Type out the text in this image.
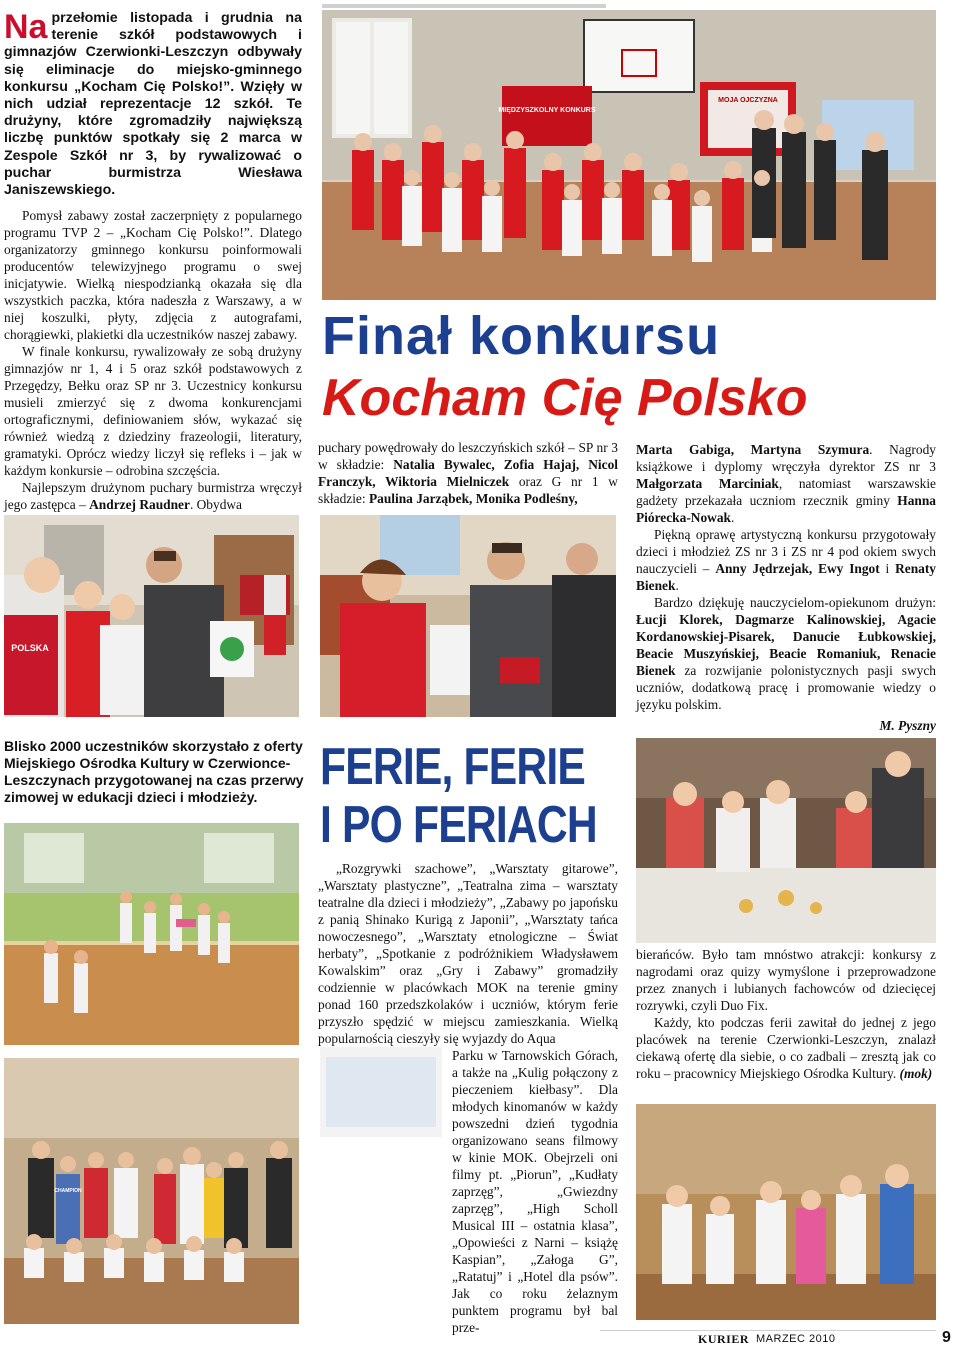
Na przełomie listopada i grudnia na terenie szkół podstawowych i gimnazjów Czerwionki-Leszczyn odbywały się eliminacje do miejsko-gminnego konkursu „Kocham Cię Polsko!”. Wzięły w nich udział reprezentacje 12 szkół. Te drużyny, które zgromadziły największą liczbę punktów spotkały się 2 marca w Zespole Szkół nr 3, by rywalizować o puchar burmistrza Wiesława Janiszewskiego.

Pomysł zabawy został zaczerpnięty z popularnego programu TVP 2 – „Kocham Cię Polsko!”. Dlatego organizatorzy gminnego konkursu poinformowali producentów telewizyjnego programu o swej inicjatywie. Wielką niespodzianką okazała się dla wszystkich paczka, która nadeszła z Warszawy, a w niej koszulki, płyty, zdjęcia z autografami, chorągiewki, plakietki dla uczestników naszej zabawy.

W finale konkursu, rywalizowały ze sobą drużyny gimnazjów nr 1, 4 i 5 oraz szkół podstawowych z Przegędzy, Bełku oraz SP nr 3. Uczestnicy konkursu musieli zmierzyć się z dwoma konkurencjami ortograficznymi, definiowaniem słów, wykazać się również wiedzą z dziedziny frazeologii, literatury, gramatyki. Oprócz wiedzy liczył się refleks i – jak w każdym konkursie – odrobina szczęścia.

Najlepszym drużynom puchary burmistrza wręczył jego zastępca – Andrzej Raudner. Obydwa

MIĘDZYSZKOLNY KONKURS
MOJA OJCZYZNA
Finał konkursu
Kocham Cię Polsko

puchary powędrowały do leszczyńskich szkół – SP nr 3 w składzie: Natalia Bywalec, Zofia Hajaj, Nicol Franczyk, Wiktoria Mielniczek oraz G nr 1 w składzie: Paulina Jarząbek, Monika Podleśny,

Marta Gabiga, Martyna Szymura. Nagrody książkowe i dyplomy wręczyła dyrektor ZS nr 3 Małgorzata Marciniak, natomiast warszawskie gadżety przekazała uczniom rzecznik gminy Hanna Piórecka-Nowak.

Piękną oprawę artystyczną konkursu przygotowały dzieci i młodzież ZS nr 3 i ZS nr 4 pod okiem swych nauczycieli – Anny Jędrzejak, Ewy Ingot i Renaty Bienek.

Bardzo dziękuję nauczycielom-opiekunom drużyn: Łucji Klorek, Dagmarze Kalinowskiej, Agacie Kordanowskiej-Pisarek, Danucie Łubkowskiej, Beacie Muszyńskiej, Beacie Romaniuk, Renacie Bienek za rozwijanie polonistycznych pasji swych uczniów, dodatkową pracę i promowanie wiedzy o języku polskim.

M. Pyszny

POLSKA

Blisko 2000 uczestników skorzystało z oferty Miejskiego Ośrodka Kultury w Czerwionce-Leszczynach przygotowanej na czas przerwy zimowej w edukacji dzieci i młodzieży.

CHAMPION
FERIE, FERIE
I PO FERIACH

„Rozgrywki szachowe”, „Warsztaty gitarowe”, „Warsztaty plastyczne”, „Teatralna zima – warsztaty teatralne dla dzieci i młodzieży”, „Zabawy po japońsku z panią Shinako Kurigą z Japonii”, „Warsztaty tańca nowoczesnego”, „Warsztaty etnologiczne – Świat herbaty”, „Spotkanie z podróżnikiem Władysławem Kowalskim” oraz „Gry i Zabawy” gromadziły codziennie w placówkach MOK na terenie gminy ponad 160 przedszkolaków i uczniów, którym ferie przyszło spędzić w miejscu zamieszkania. Wielką popularnością cieszyły się wyjazdy do Aqua

Parku w Tarnowskich Górach, a także na „Kulig połączony z pieczeniem kiełbasy”. Dla młodych kinomanów w każdy powszedni dzień tygodnia organizowano seans filmowy w kinie MOK. Obejrzeli oni filmy pt. „Piorun”, „Kudłaty zaprzęg”, „Gwiezdny zaprzęg”, „High Scholl Musical III – ostatnia klasa”, „Opowieści z Narni – książę Kaspian”, „Załoga G”, „Ratatuj” i „Hotel dla psów”. Jak co roku żelaznym punktem programu był bal prze-

bierańców. Było tam mnóstwo atrakcji: konkursy z nagrodami oraz quizy wymyślone i przeprowadzone przez znanych i lubianych fachowców od dziecięcej rozrywki, czyli Duo Fix.

Każdy, kto podczas ferii zawitał do jednej z jego placówek na terenie Czerwionki-Leszczyn, znalazł ciekawą ofertę dla siebie, o co zadbali – zresztą jak co roku – pracownicy Miejskiego Ośrodka Kultury. (mok)

KURIER MARZEC 2010	9
